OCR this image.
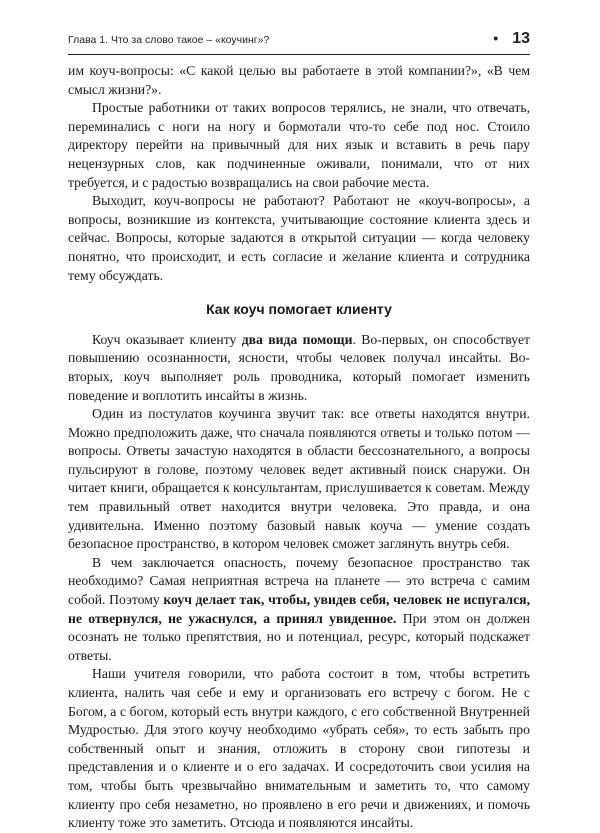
Глава 1. Что за слово такое – «коучинг»?	• 13

им коуч-вопросы: «С какой целью вы работаете в этой компании?», «В чем смысл жизни?».

Простые работники от таких вопросов терялись, не знали, что отвечать, переминались с ноги на ногу и бормотали что-то себе под нос. Стоило директору перейти на привычный для них язык и вставить в речь пару нецензурных слов, как подчиненные оживали, понимали, что от них требуется, и с радостью возвращались на свои рабочие места.

Выходит, коуч-вопросы не работают? Работают не «коуч-вопросы», а вопросы, возникшие из контекста, учитывающие состояние клиента здесь и сейчас. Вопросы, которые задаются в открытой ситуации — когда человеку понятно, что происходит, и есть согласие и желание клиента и сотрудника тему обсуждать.

Как коуч помогает клиенту

Коуч оказывает клиенту два вида помощи. Во-первых, он способствует повышению осознанности, ясности, чтобы человек получал инсайты. Во-вторых, коуч выполняет роль проводника, который помогает изменить поведение и воплотить инсайты в жизнь.

Один из постулатов коучинга звучит так: все ответы находятся внутри. Можно предположить даже, что сначала появляются ответы и только потом — вопросы. Ответы зачастую находятся в области бессознательного, а вопросы пульсируют в голове, поэтому человек ведет активный поиск снаружи. Он читает книги, обращается к консультантам, прислушивается к советам. Между тем правильный ответ находится внутри человека. Это правда, и она удивительна. Именно поэтому базовый навык коуча — умение создать безопасное пространство, в котором человек сможет заглянуть внутрь себя.

В чем заключается опасность, почему безопасное пространство так необходимо? Самая неприятная встреча на планете — это встреча с самим собой. Поэтому коуч делает так, чтобы, увидев себя, человек не испугался, не отвернулся, не ужаснулся, а принял увиденное. При этом он должен осознать не только препятствия, но и потенциал, ресурс, который подскажет ответы.

Наши учителя говорили, что работа состоит в том, чтобы встретить клиента, налить чая себе и ему и организовать его встречу с богом. Не с Богом, а с богом, который есть внутри каждого, с его собственной Внутренней Мудростью. Для этого коучу необходимо «убрать себя», то есть забыть про собственный опыт и знания, отложить в сторону свои гипотезы и представления и о клиенте и о его задачах. И сосредоточить свои усилия на том, чтобы быть чрезвычайно внимательным и заметить то, что самому клиенту про себя незаметно, но проявлено в его речи и движениях, и помочь клиенту тоже это заметить. Отсюда и появляются инсайты.
